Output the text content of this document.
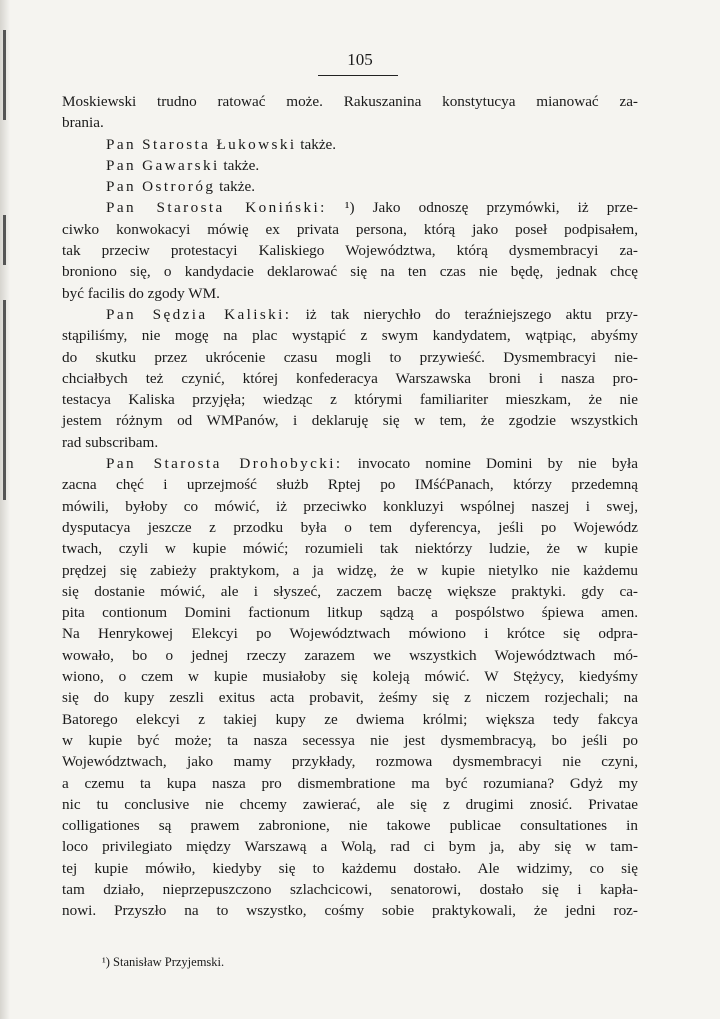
105
Moskiewski trudno ratować może. Rakuszanina konstytucya mianować za-
brania.
Pan Starosta Łukowski także.
Pan Gawarski także.
Pan Ostroróg także.
Pan Starosta Koniński: ¹) Jako odnoszę przymówki, iż prze-
ciwko konwokacyi mówię ex privata persona, którą jako poseł podpisałem,
tak przeciw protestacyi Kaliskiego Województwa, którą dysmembracyi za-
broniono się, o kandydacie deklarować się na ten czas nie będę, jednak chcę
być facilis do zgody WM.
Pan Sędzia Kaliski: iż tak nierychło do teraźniejszego aktu przy-
stąpiliśmy, nie mogę na plac wystąpić z swym kandydatem, wątpiąc, abyśmy
do skutku przez ukrócenie czasu mogli to przywieść. Dysmembracyi nie-
chciałbych też czynić, której konfederacya Warszawska broni i nasza pro-
testacya Kaliska przyjęła; wiedząc z którymi familiariter mieszkam, że nie
jestem różnym od WMPanów, i deklaruję się w tem, że zgodzie wszystkich
rad subscribam.
Pan Starosta Drohobycki: invocato nomine Domini by nie była
zacna chęć i uprzejmość służb Rptej po IMśćPanach, którzy przedemną
mówili, byłoby co mówić, iż przeciwko konkluzyi wspólnej naszej i swej,
dysputacya jeszcze z przodku była o tem dyferencya, jeśli po Wojewódz
twach, czyli w kupie mówić; rozumieli tak niektórzy ludzie, że w kupie
prędzej się zabieży praktykom, a ja widzę, że w kupie nietylko nie każdemu
się dostanie mówić, ale i słyszeć, zaczem baczę większe praktyki. gdy ca-
pita contionum Domini factionum litkup sądzą a pospólstwo śpiewa amen.
Na Henrykowej Elekcyi po Województwach mówiono i krótce się odpra-
wowało, bo o jednej rzeczy zarazem we wszystkich Województwach mó-
wiono, o czem w kupie musiałoby się koleją mówić. W Stężycy, kiedyśmy
się do kupy zeszli exitus acta probavit, żeśmy się z niczem rozjechali; na
Batorego elekcyi z takiej kupy ze dwiema królmi; większa tedy fakcya
w kupie być może; ta nasza secessya nie jest dysmembracyą, bo jeśli po
Województwach, jako mamy przykłady, rozmowa dysmembracyi nie czyni,
a czemu ta kupa nasza pro dismembratione ma być rozumiana? Gdyż my
nic tu conclusive nie chcemy zawierać, ale się z drugimi znosić. Privatae
colligationes są prawem zabronione, nie takowe publicae consultationes in
loco privilegiato między Warszawą a Wolą, rad ci bym ja, aby się w tam-
tej kupie mówiło, kiedyby się to każdemu dostało. Ale widzimy, co się
tam działo, nieprzepuszczono szlachcicowi, senatorowi, dostało się i kapła-
nowi. Przyszło na to wszystko, cośmy sobie praktykowali, że jedni roz-
¹) Stanisław Przyjemski.
